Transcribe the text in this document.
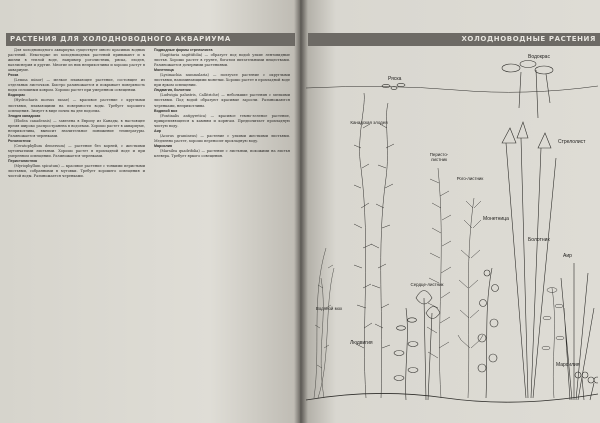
РАСТЕНИЯ ДЛЯ ХОЛОДНОВОДНОГО АКВАРИУМА

Для холодноводного аквариума существует много красивых водных растений. Некоторые из холодноводных растений привыкают и к жизни в теплой воде, например роголистник, ряска, элодея, валлиснерия и другие. Многие из них неприхотливы и хорошо растут в аквариуме.

Ряска

(Lemna minor) — мелкое плавающее растение, состоящее из отдельных листочков. Быстро размножается и покрывает поверхность воды сплошным ковром. Хорошо растет при умеренном освещении.

Водокрас

(Hydrocharis morsus ranae) — красивое растение с круглыми листьями, плавающими на поверхности воды. Требует хорошего освещения. Зимует в виде почек на дне водоема.

Элодея канадская

(Elodea canadensis) — завезена в Европу из Канады, в настоящее время широко распространена в водоемах. Хорошо растет в аквариуме, неприхотлива, выносит значительное понижение температуры. Размножается черенками.

Роголистник

(Ceratophyllum demersum) — растение без корней, с жесткими мутовчатыми листьями. Хорошо растет в прохладной воде и при умеренном освещении. Размножается черенками.

Перистолистник

(Myriophyllum spicatum) — красивое растение с тонкими перистыми листьями, собранными в мутовки. Требует хорошего освещения и чистой воды. Размножается черенками.

Подводные формы стрелолиста

(Sagittaria sagittifolia) — образует под водой узкие лентовидные листья. Хорошо растет в грунте, богатом питательными веществами. Размножается дочерними растениями.

Монетница

(Lysimachia nummularia) — ползучее растение с округлыми листьями, напоминающими монетки. Хорошо растет в прохладной воде при ярком освещении.

Людвигия, болотник

(Ludwigia palustris, Callitriche) — небольшие растения с мелкими листьями. Под водой образуют красивые заросли. Размножаются черенками, неприхотливы.

Водяной мох

(Fontinalis antipyretica) — красивое темно-зеленое растение, прикрепляющееся к камням и корягам. Предпочитает прохладную чистую воду.

Аир

(Acorus gramineus) — растение с узкими жесткими листьями. Медленно растет, хорошо переносит прохладную воду.

Марсилия

(Marsilea quadrifolia) — растение с листьями, похожими на листья клевера. Требует яркого освещения.

ХОЛОДНОВОДНЫЕ РАСТЕНИЯ
Водокрас
Ряска
Канадская элодея
Стрелолист
Перисто-листник
Рого-листник
Монетница
Болотник
Сердце-листник
Аир
Водяной мох
Людвигия
Марсилия
